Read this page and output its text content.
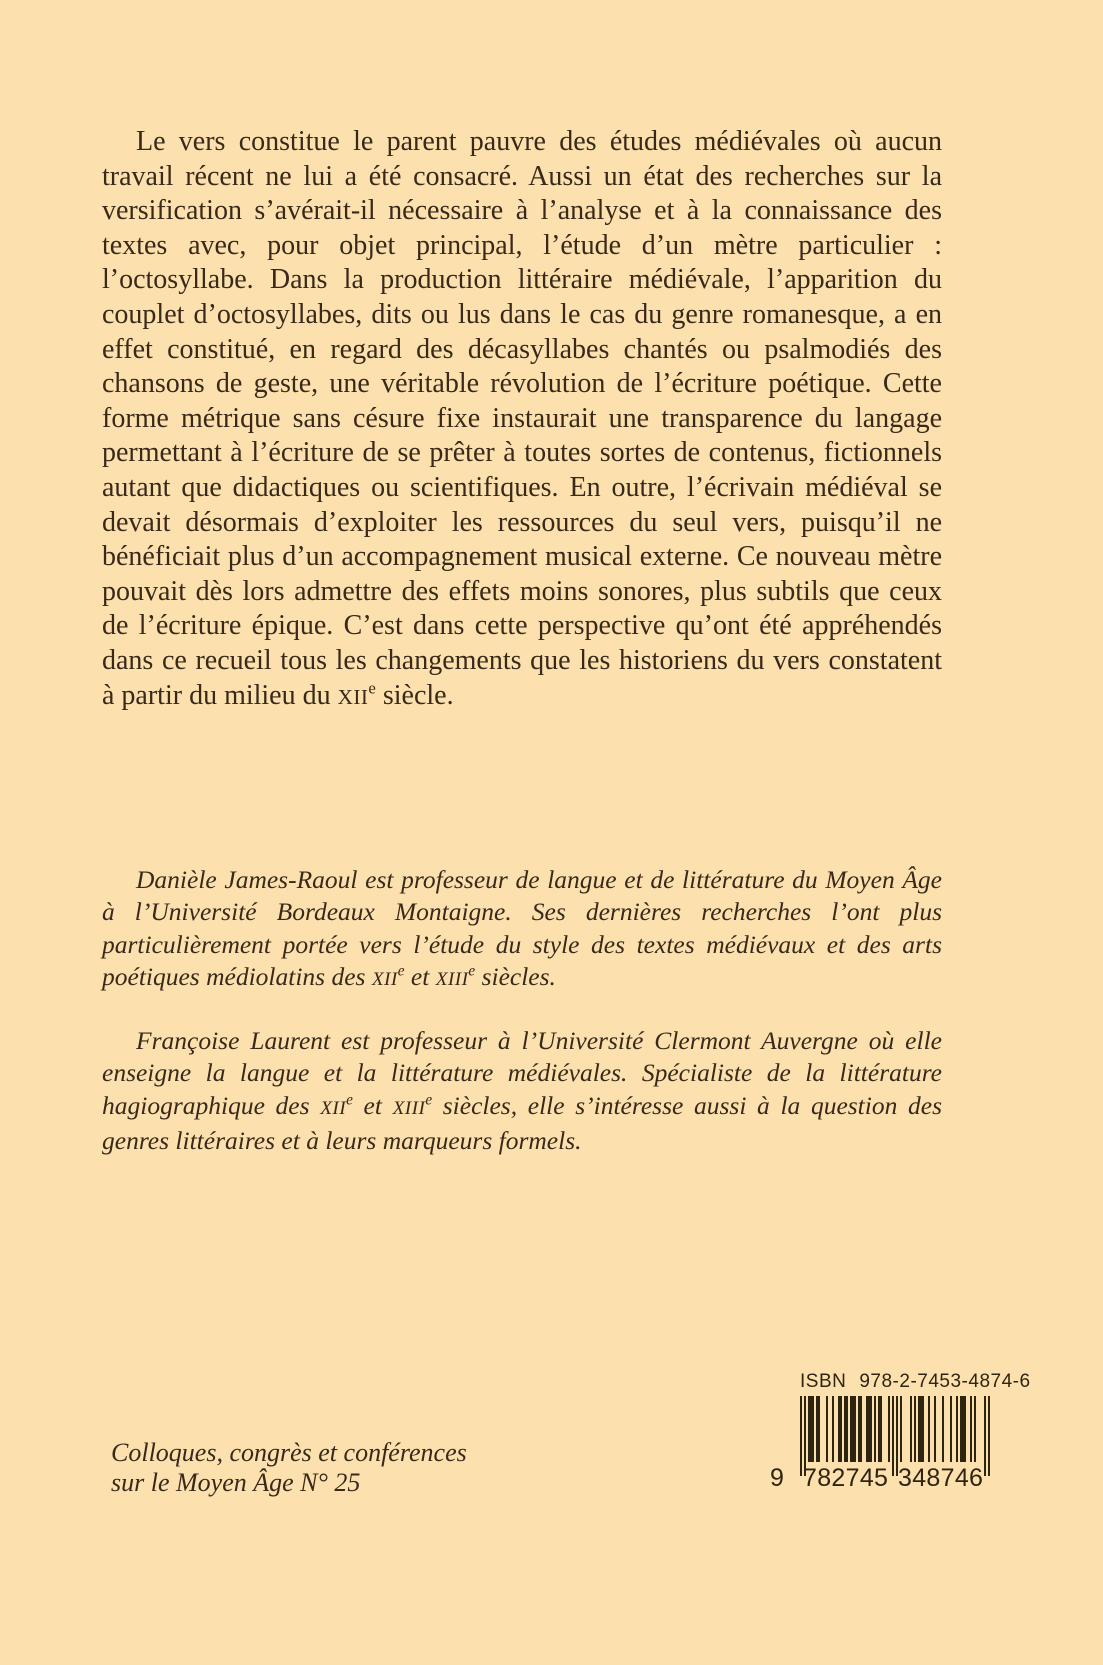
Le vers constitue le parent pauvre des études médiévales où aucun travail récent ne lui a été consacré. Aussi un état des recherches sur la versification s’avérait-il nécessaire à l’analyse et à la connaissance des textes avec, pour objet principal, l’étude d’un mètre particulier : l’octosyllabe. Dans la production littéraire médiévale, l’apparition du couplet d’octosyllabes, dits ou lus dans le cas du genre romanesque, a en effet constitué, en regard des décasyllabes chantés ou psalmodiés des chansons de geste, une véritable révolution de l’écriture poétique. Cette forme métrique sans césure fixe instaurait une transparence du langage permettant à l’écriture de se prêter à toutes sortes de contenus, fictionnels autant que didactiques ou scientifiques. En outre, l’écrivain médiéval se devait désormais d’exploiter les ressources du seul vers, puisqu’il ne bénéficiait plus d’un accompagnement musical externe. Ce nouveau mètre pouvait dès lors admettre des effets moins sonores, plus subtils que ceux de l’écriture épique. C’est dans cette perspective qu’ont été appréhendés dans ce recueil tous les changements que les historiens du vers constatent à partir du milieu du XIIe siècle.

Danièle James-Raoul est professeur de langue et de littérature du Moyen Âge à l’Université Bordeaux Montaigne. Ses dernières recherches l’ont plus particulièrement portée vers l’étude du style des textes médiévaux et des arts poétiques médiolatins des XIIe et XIIIe siècles.

Françoise Laurent est professeur à l’Université Clermont Auvergne où elle enseigne la langue et la littérature médiévales. Spécialiste de la littérature hagiographique des XIIe et XIIIe siècles, elle s’intéresse aussi à la question des genres littéraires et à leurs marqueurs formels.

Colloques, congrès et conférences
sur le Moyen Âge N° 25
ISBN 978-2-7453-4874-6
9 782745 348746
